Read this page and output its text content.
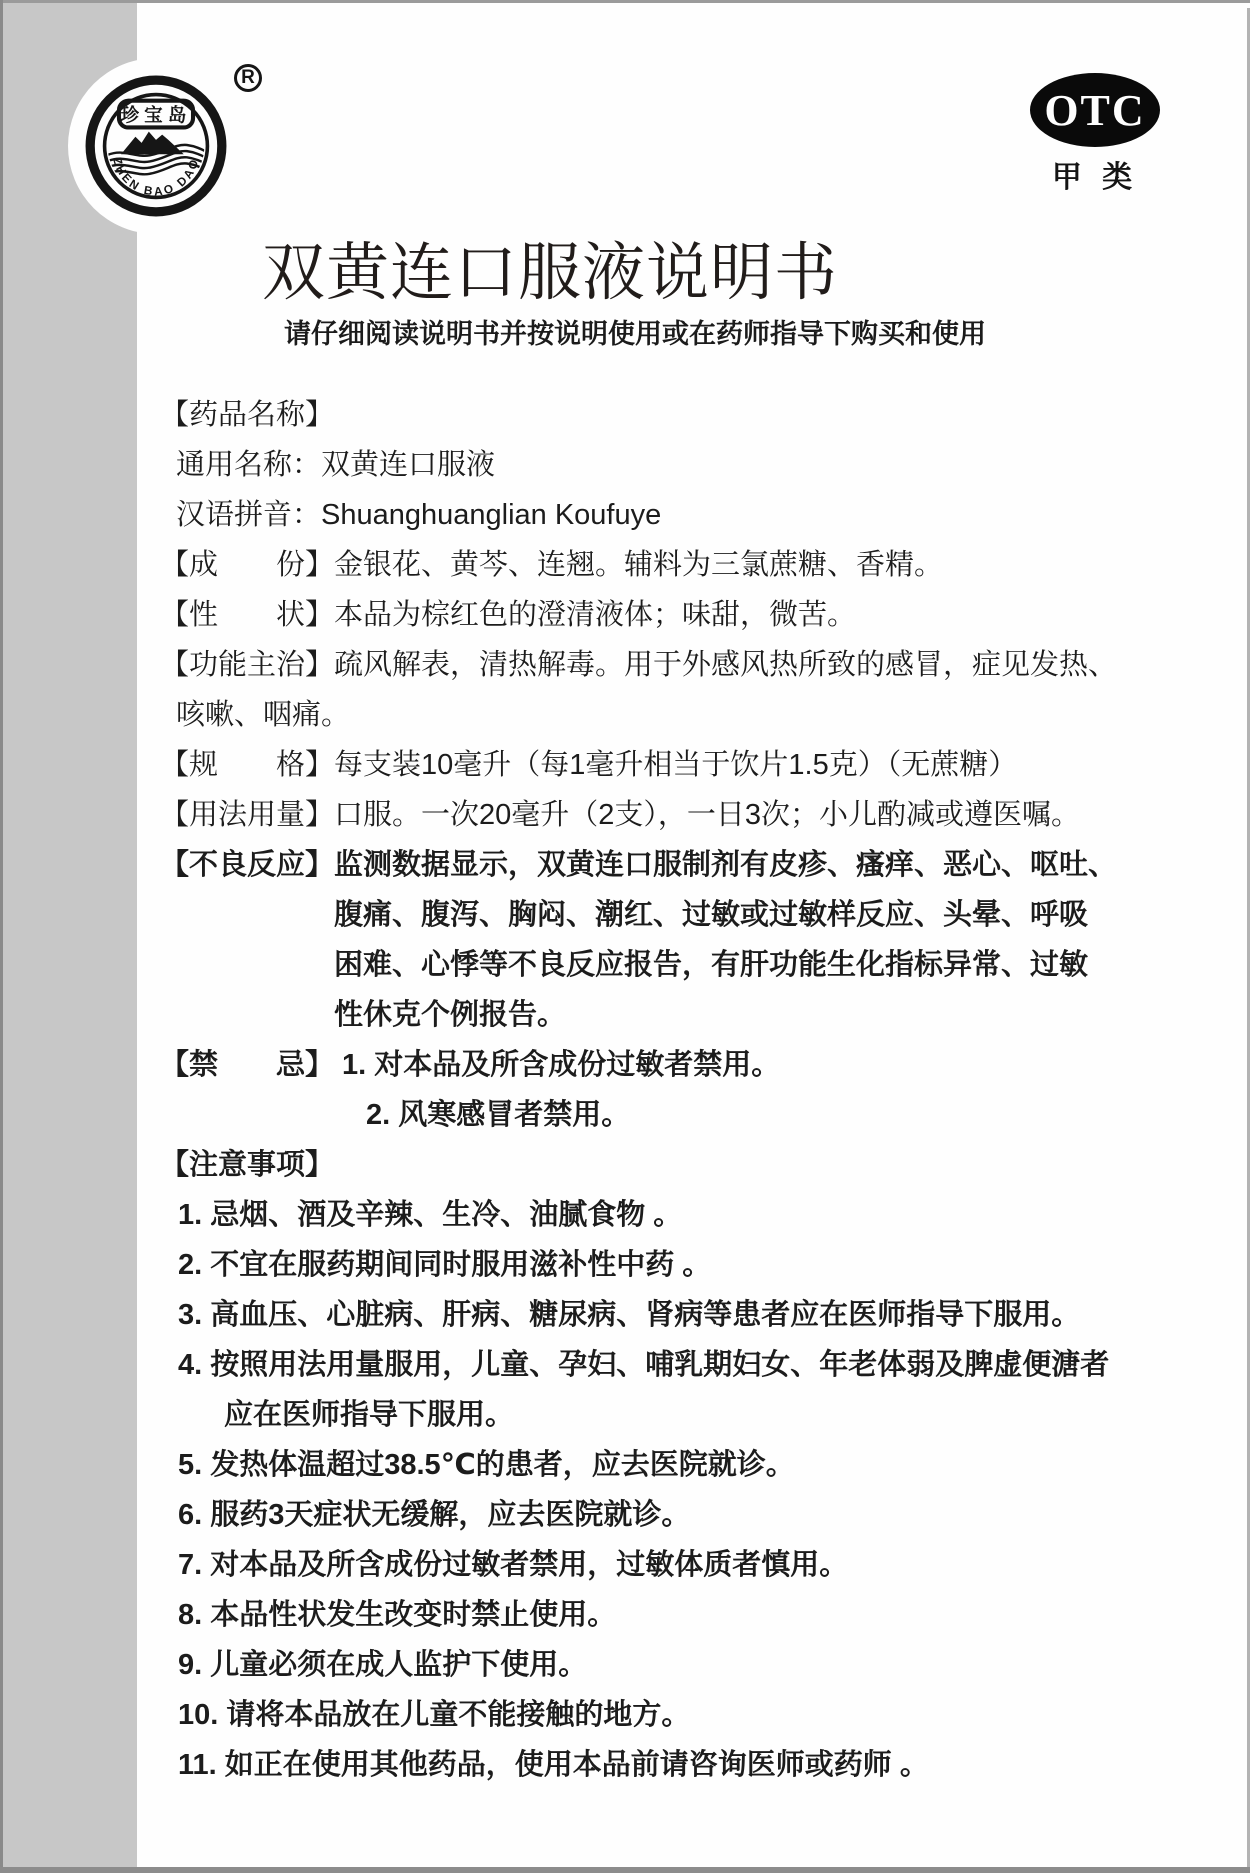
珍宝岛
ZHEN BAO DAO
R
OTC
甲 类
双黄连口服液说明书
请仔细阅读说明书并按说明使用或在药师指导下购买和使用
【药品名称】
通用名称：双黄连口服液
汉语拼音：Shuanghuanglian Koufuye
【成　　份】金银花、黄芩、连翘。辅料为三氯蔗糖、香精。
【性　　状】本品为棕红色的澄清液体；味甜，微苦。
【功能主治】疏风解表，清热解毒。用于外感风热所致的感冒，症见发热、
咳嗽、咽痛。
【规　　格】每支装10毫升（每1毫升相当于饮片1.5克）（无蔗糖）
【用法用量】口服。一次20毫升（2支），一日3次；小儿酌减或遵医嘱。
【不良反应】监测数据显示，双黄连口服制剂有皮疹、瘙痒、恶心、呕吐、
腹痛、腹泻、胸闷、潮红、过敏或过敏样反应、头晕、呼吸
困难、心悸等不良反应报告，有肝功能生化指标异常、过敏
性休克个例报告。
【禁　　忌】 1. 对本品及所含成份过敏者禁用。
2. 风寒感冒者禁用。
【注意事项】
1. 忌烟、酒及辛辣、生冷、油腻食物 。
2. 不宜在服药期间同时服用滋补性中药 。
3. 高血压、心脏病、肝病、糖尿病、肾病等患者应在医师指导下服用。
4. 按照用法用量服用，儿童、孕妇、哺乳期妇女、年老体弱及脾虚便溏者
应在医师指导下服用。
5. 发热体温超过38.5℃的患者，应去医院就诊。
6. 服药3天症状无缓解，应去医院就诊。
7. 对本品及所含成份过敏者禁用，过敏体质者慎用。
8. 本品性状发生改变时禁止使用。
9. 儿童必须在成人监护下使用。
10. 请将本品放在儿童不能接触的地方。
11. 如正在使用其他药品，使用本品前请咨询医师或药师 。
